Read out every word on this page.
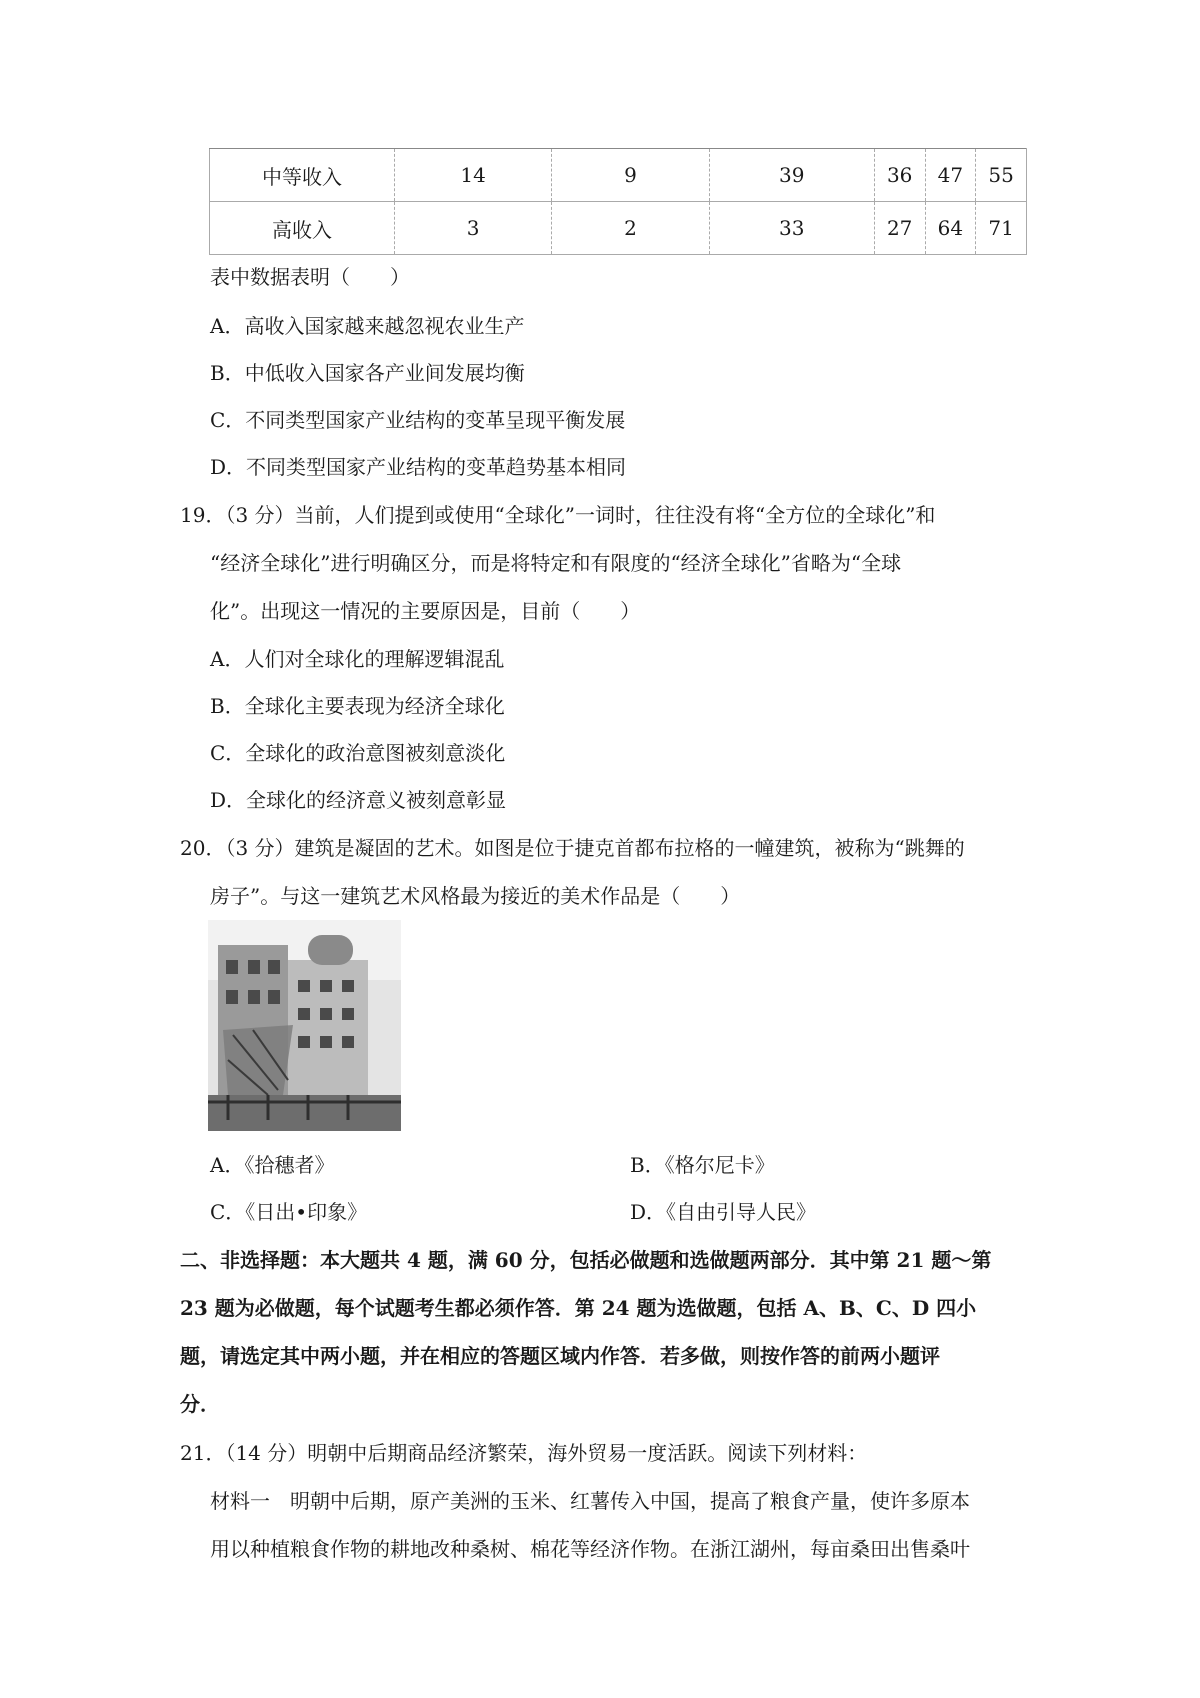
中等收入	14	9	39	36	47	55
高收入	3	2	33	27	64	71
表中数据表明（　　）
A．高收入国家越来越忽视农业生产
B．中低收入国家各产业间发展均衡
C．不同类型国家产业结构的变革呈现平衡发展
D．不同类型国家产业结构的变革趋势基本相同
19．（3 分）当前，人们提到或使用“全球化”一词时，往往没有将“全方位的全球化”和
“经济全球化”进行明确区分，而是将特定和有限度的“经济全球化”省略为“全球
化”。出现这一情况的主要原因是，目前（　　）
A．人们对全球化的理解逻辑混乱
B．全球化主要表现为经济全球化
C．全球化的政治意图被刻意淡化
D．全球化的经济意义被刻意彰显
20．（3 分）建筑是凝固的艺术。如图是位于捷克首都布拉格的一幢建筑，被称为“跳舞的
房子”。与这一建筑艺术风格最为接近的美术作品是（　　）
A．《拾穗者》	B．《格尔尼卡》
C．《日出•印象》	D．《自由引导人民》
二、非选择题：本大题共 4 题，满 60 分，包括必做题和选做题两部分．其中第 21 题～第
23 题为必做题，每个试题考生都必须作答．第 24 题为选做题，包括 A、B、C、D 四小
题，请选定其中两小题，并在相应的答题区域内作答．若多做，则按作答的前两小题评
分．
21．（14 分）明朝中后期商品经济繁荣，海外贸易一度活跃。阅读下列材料：
材料一　明朝中后期，原产美洲的玉米、红薯传入中国，提高了粮食产量，使许多原本
用以种植粮食作物的耕地改种桑树、棉花等经济作物。在浙江湖州，每亩桑田出售桑叶
